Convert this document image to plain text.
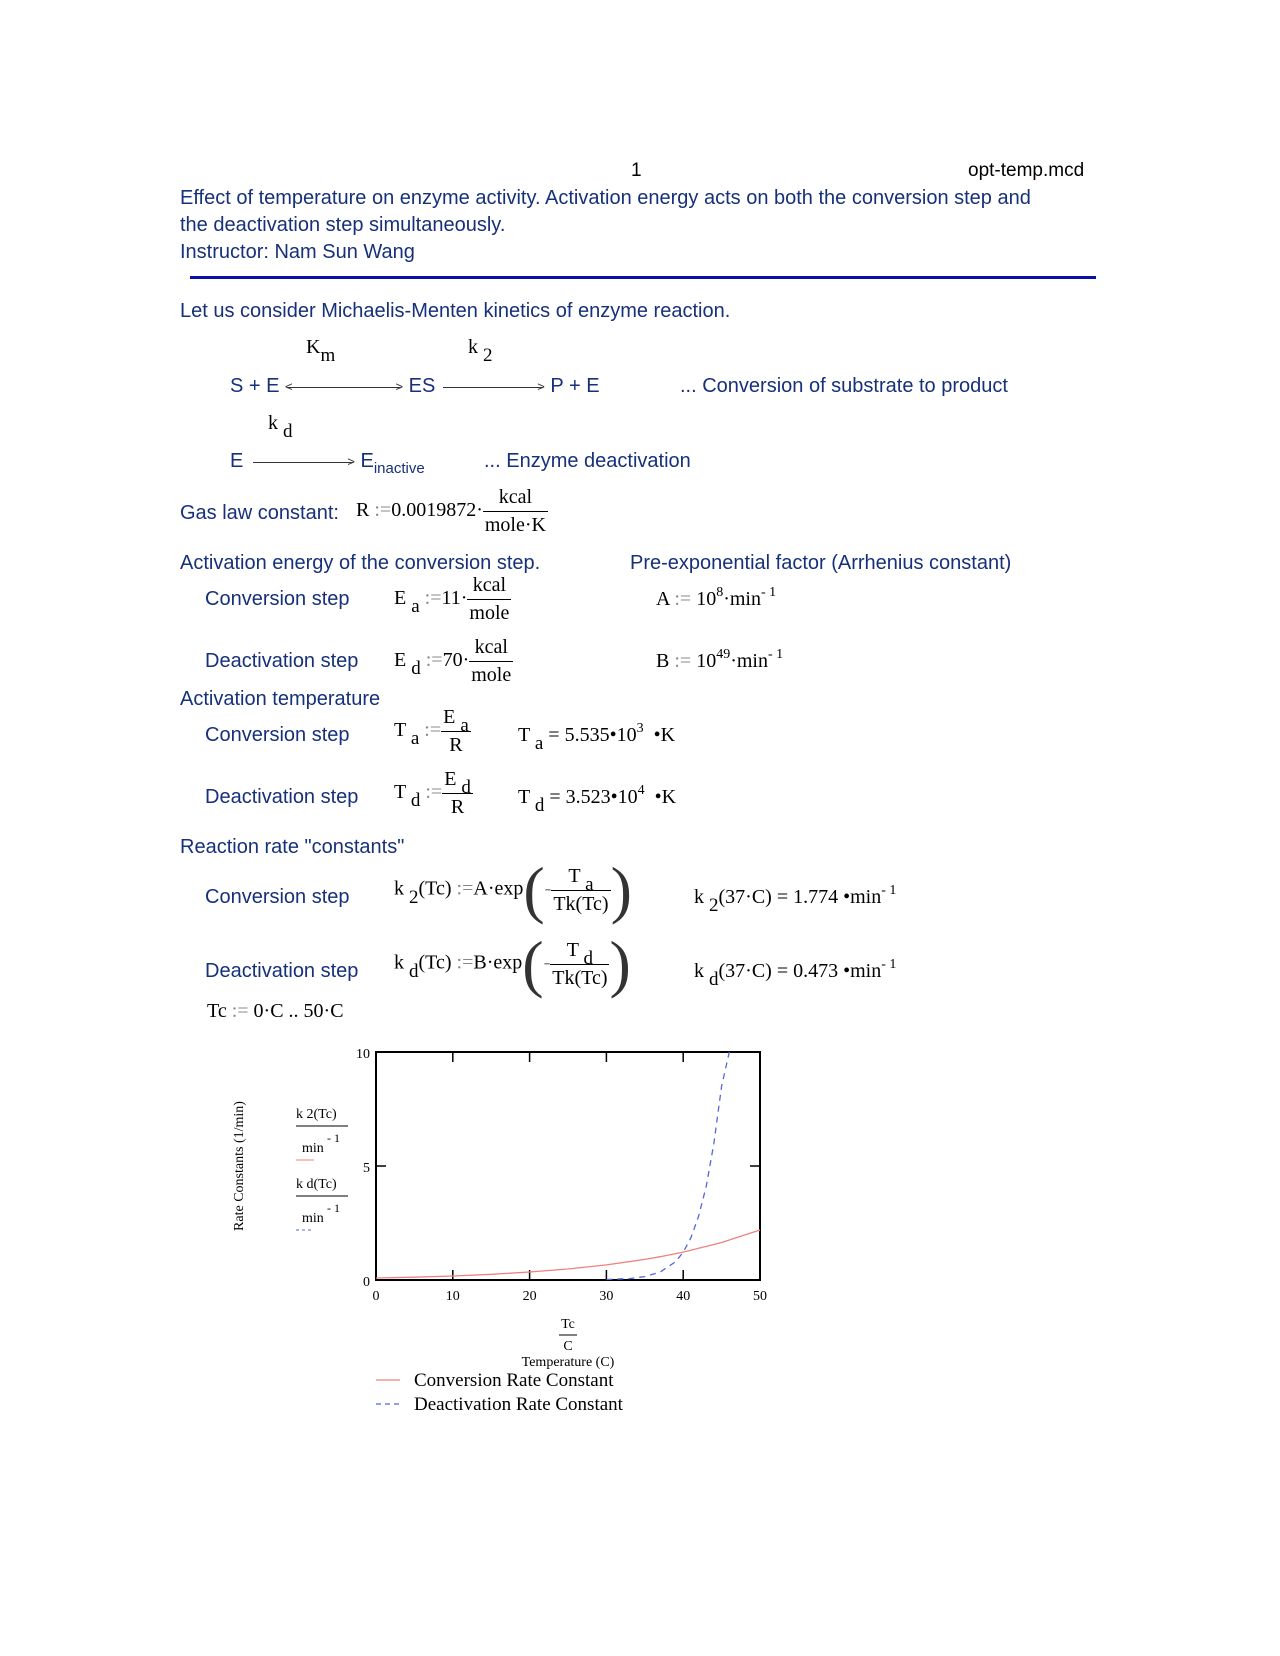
1	opt-temp.mcd
Effect of temperature on enzyme activity. Activation energy acts on both the conversion step and
the deactivation step simultaneously.
Instructor: Nam Sun Wang
Let us consider Michaelis-Menten kinetics of enzyme reaction.
Km	k 2
S + E <	> ES	> P + E	... Conversion of substrate to product
k d
E	> $E_{inactive}$	... Enzyme deactivation
Gas law constant: R :=0.0019872· $\frac{\text{kcal}}{\text{mole·K}}$
Activation energy of the conversion step.	Pre-exponential factor (Arrhenius constant)
Conversion step E a :=11· $\frac{\text{kcal}}{\text{mole}}$	A := $10^8\cdot\min^{- 1}$
Deactivation step E d :=70· $\frac{\text{kcal}}{\text{mole}}$	B := $10^{49}\cdot\min^{- 1}$
Activation temperature
Conversion step T a := $\frac{\text{E a}}{R}$ T $a = 5.535•10^3$ •K
Deactivation step T d := $\frac{\text{E d}}{R}$ T $d = 3.523•10^4$ •K
Reaction rate "constants"
Conversion step k 2(Tc) :=A·exp(- $\frac{\text{T a}}{Tk(Tc)}$ )	k 2(37·C) = 1.774 $•\min^{- 1}$
Deactivation step k d(Tc) :=B·exp(- $\frac{\text{T d}}{Tk(Tc)}$ )	k d(37·C) = 0.473 $•\min^{- 1}$
Tc := 0·C .. 50·C
0	10	20	30	40	50
0
5
10
Tc
C
Temperature (C)
Rate Constants (1/min)	k 2(Tc)
min
- 1
k d(Tc)
min
- 1
Conversion Rate Constant
Deactivation Rate Constant
